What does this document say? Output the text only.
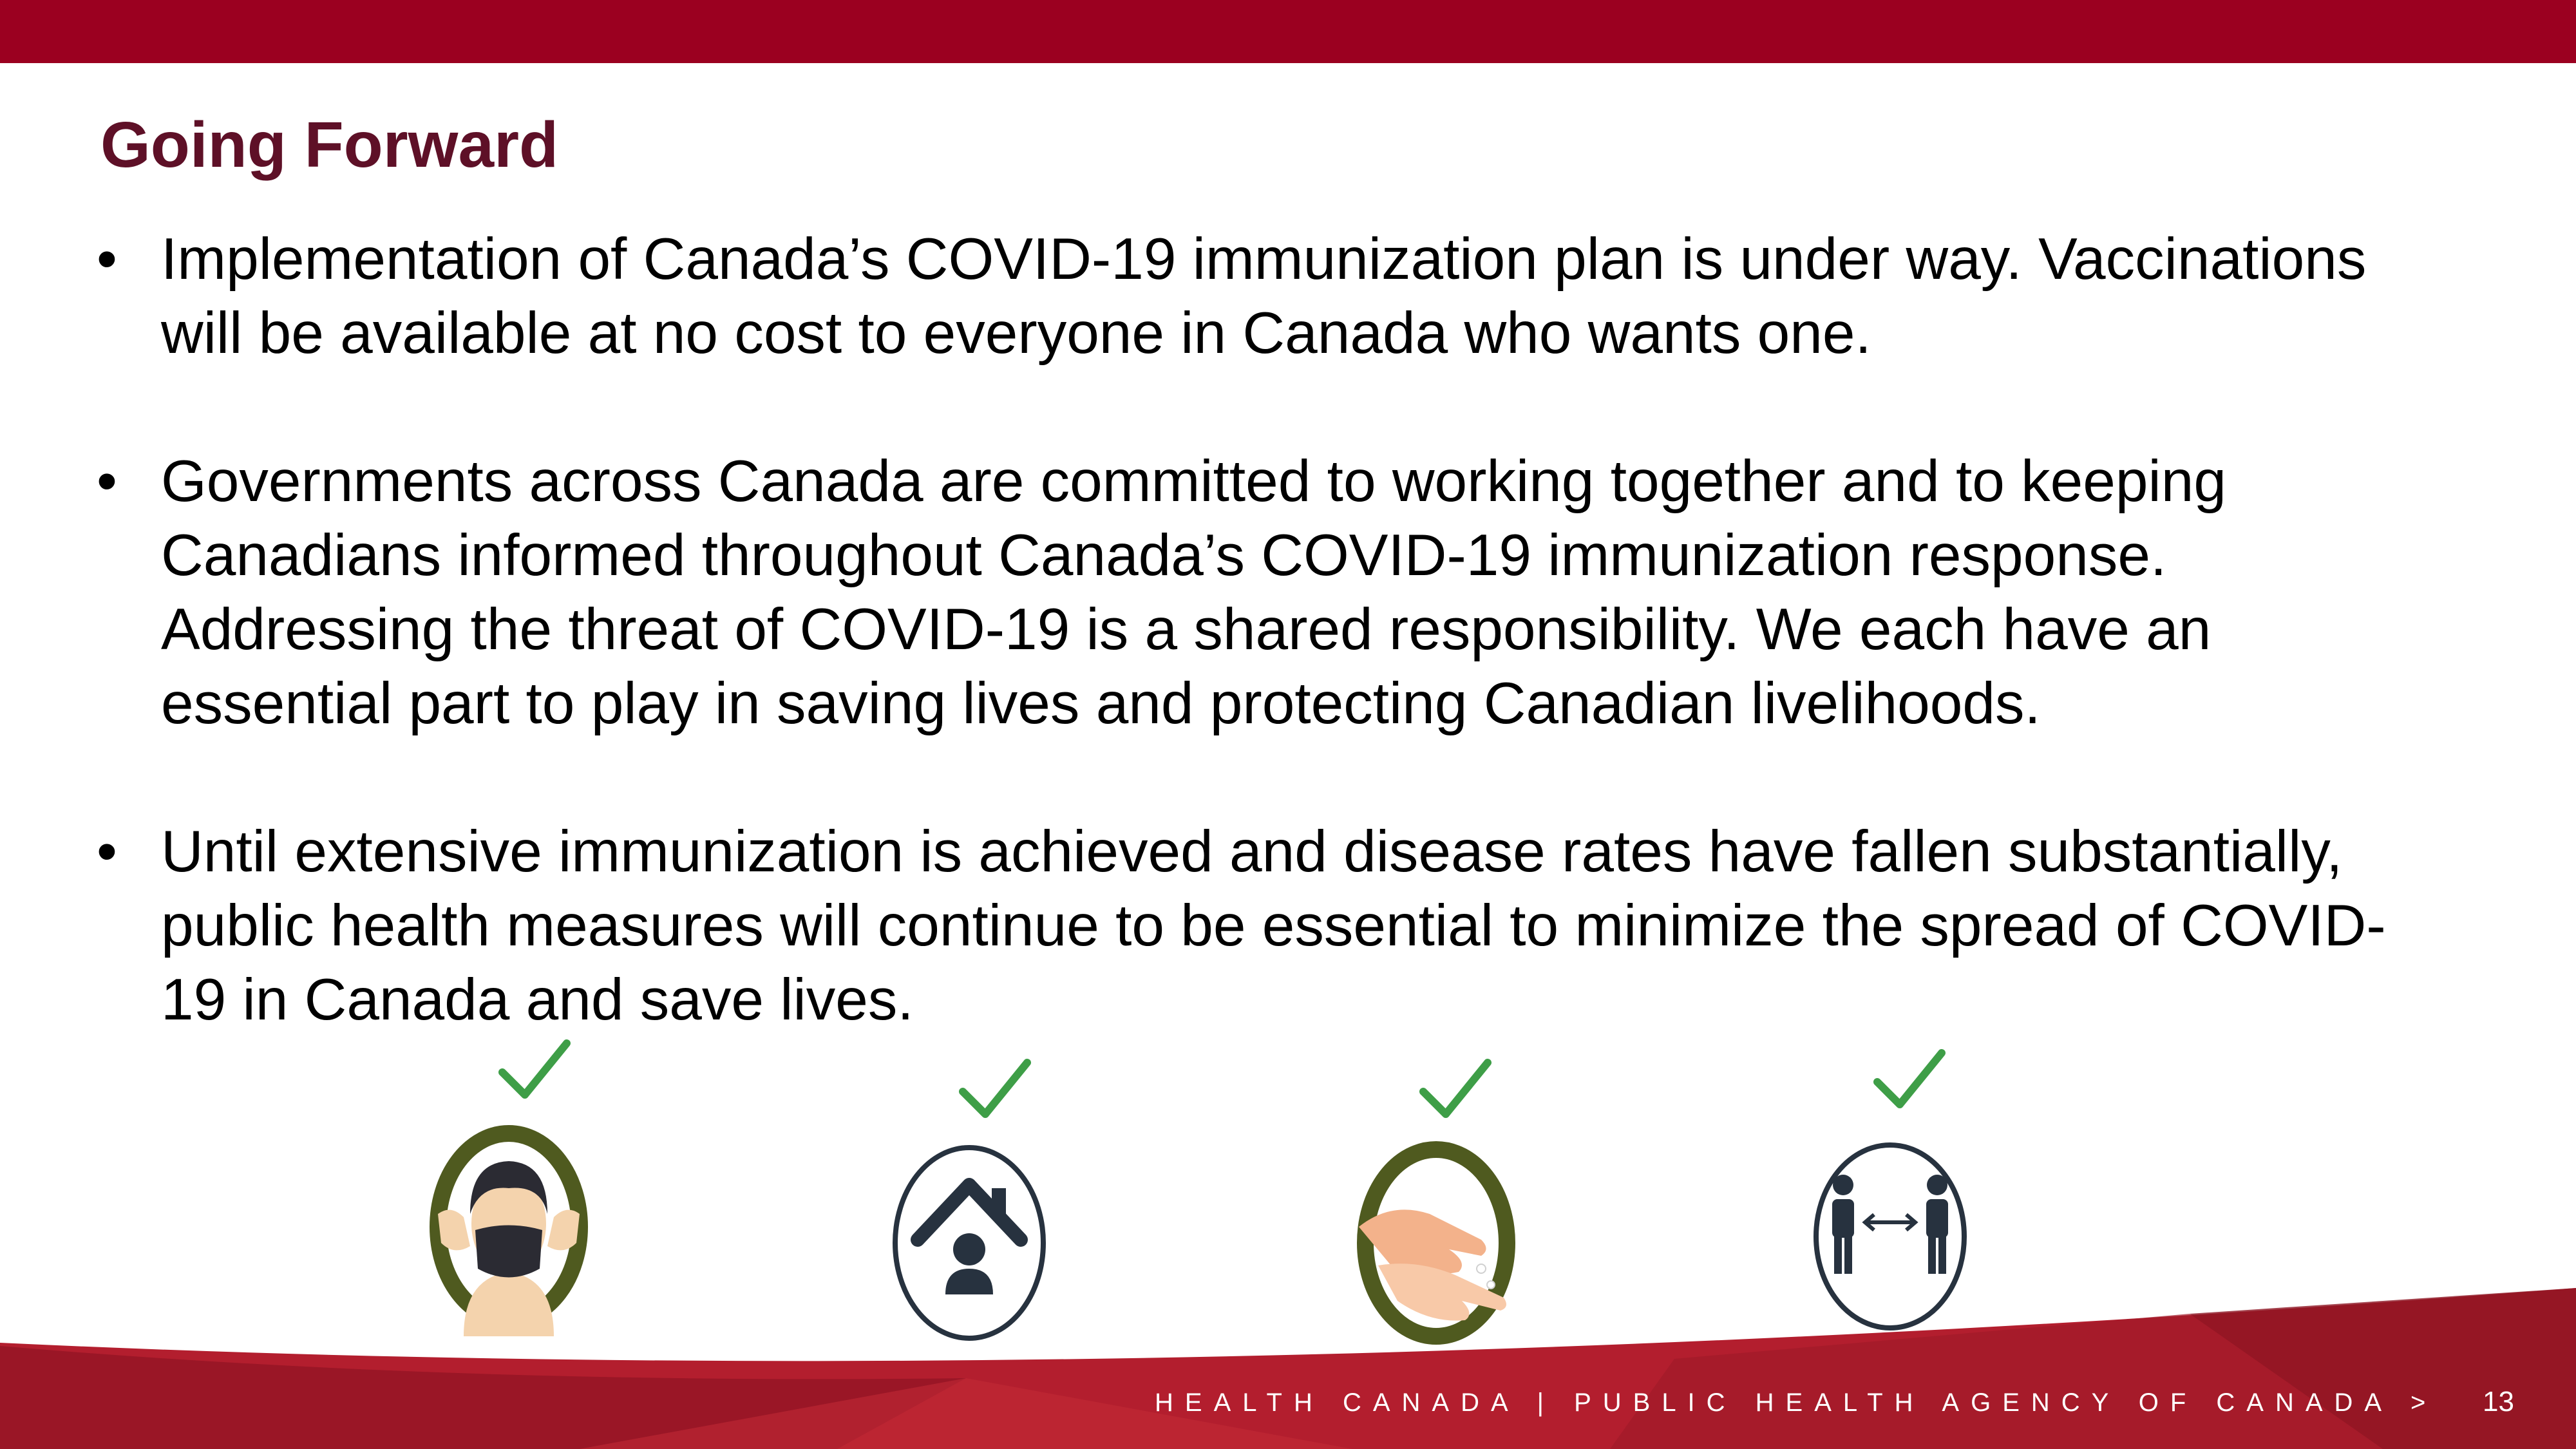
Going Forward
• Implementation of Canada’s COVID-19 immunization plan is under way. Vaccinations will be available at no cost to everyone in Canada who wants one.
• Governments across Canada are committed to working together and to keeping Canadians informed throughout Canada’s COVID-19 immunization response. Addressing the threat of COVID-19 is a shared responsibility. We each have an essential part to play in saving lives and protecting Canadian livelihoods.
• Until extensive immunization is achieved and disease rates have fallen substantially, public health measures will continue to be essential to minimize the spread of COVID-19 in Canada and save lives.
HEALTH CANADA | PUBLIC HEALTH AGENCY OF CANADA > 13
